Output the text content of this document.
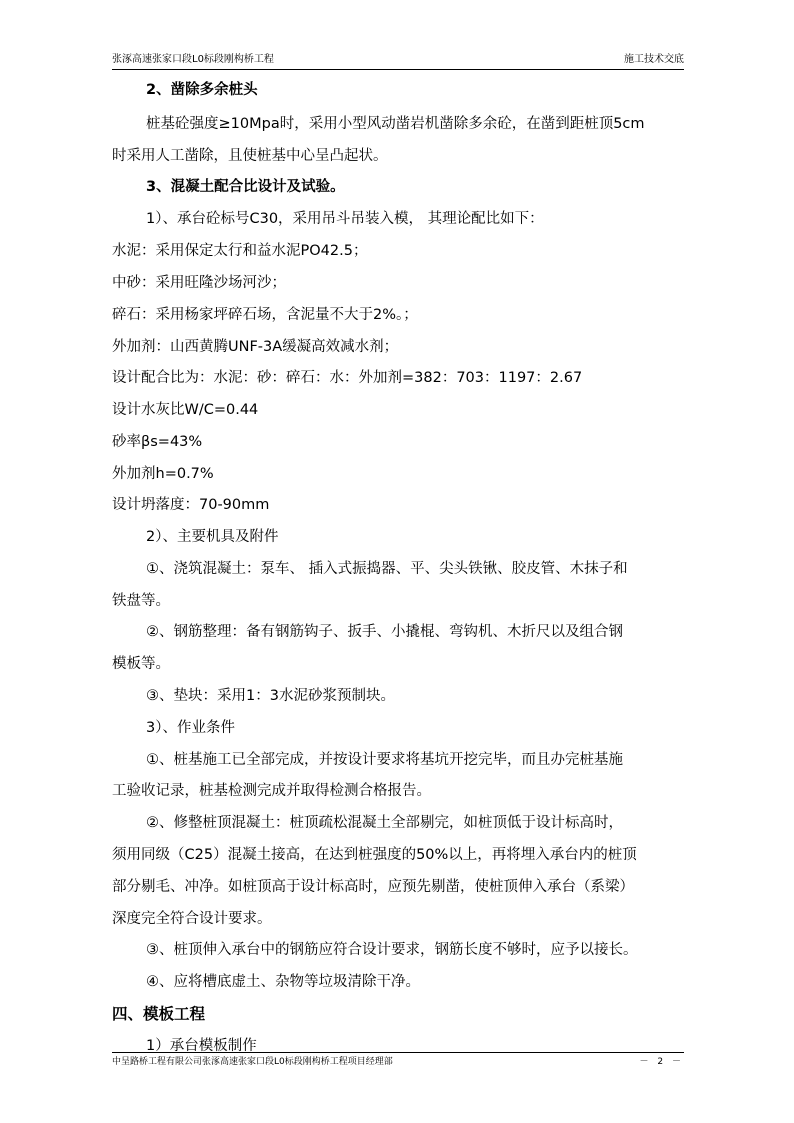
张涿高速张家口段L0标段刚构桥工程	施工技术交底
2、凿除多余桩头
桩基砼强度≥10Mpa时，采用小型风动凿岩机凿除多余砼，在凿到距桩顶5cm
时采用人工凿除，且使桩基中心呈凸起状。
3、混凝土配合比设计及试验。
1）、承台砼标号C30，采用吊斗吊装入模， 其理论配比如下：
水泥：采用保定太行和益水泥PO42.5；
中砂：采用旺隆沙场河沙；
碎石：采用杨家坪碎石场，含泥量不大于2%。；
外加剂：山西黄腾UNF-3A缓凝高效减水剂；
设计配合比为：水泥：砂：碎石：水：外加剂=382：703：1197：2.67
设计水灰比W/C=0.44
砂率βs=43%
外加剂h=0.7%
设计坍落度：70-90mm
2）、主要机具及附件
①、浇筑混凝土：泵车、 插入式振捣器、平、尖头铁锹、胶皮管、木抹子和
铁盘等。
②、钢筋整理：备有钢筋钩子、扳手、小撬棍、弯钩机、木折尺以及组合钢
模板等。
③、垫块：采用1：3水泥砂浆预制块。
3）、作业条件
①、桩基施工已全部完成，并按设计要求将基坑开挖完毕，而且办完桩基施
工验收记录，桩基检测完成并取得检测合格报告。
②、修整桩顶混凝土：桩顶疏松混凝土全部剔完，如桩顶低于设计标高时，
须用同级（C25）混凝土接高，在达到桩强度的50%以上，再将埋入承台内的桩顶
部分剔毛、冲净。如桩顶高于设计标高时，应预先剔凿，使桩顶伸入承台（系梁）
深度完全符合设计要求。
③、桩顶伸入承台中的钢筋应符合设计要求，钢筋长度不够时，应予以接长。
④、应将槽底虚土、杂物等垃圾清除干净。
四、模板工程
1）承台模板制作
中呈路桥工程有限公司张涿高速张家口段L0标段刚构桥工程项目经理部	－ 2 －
